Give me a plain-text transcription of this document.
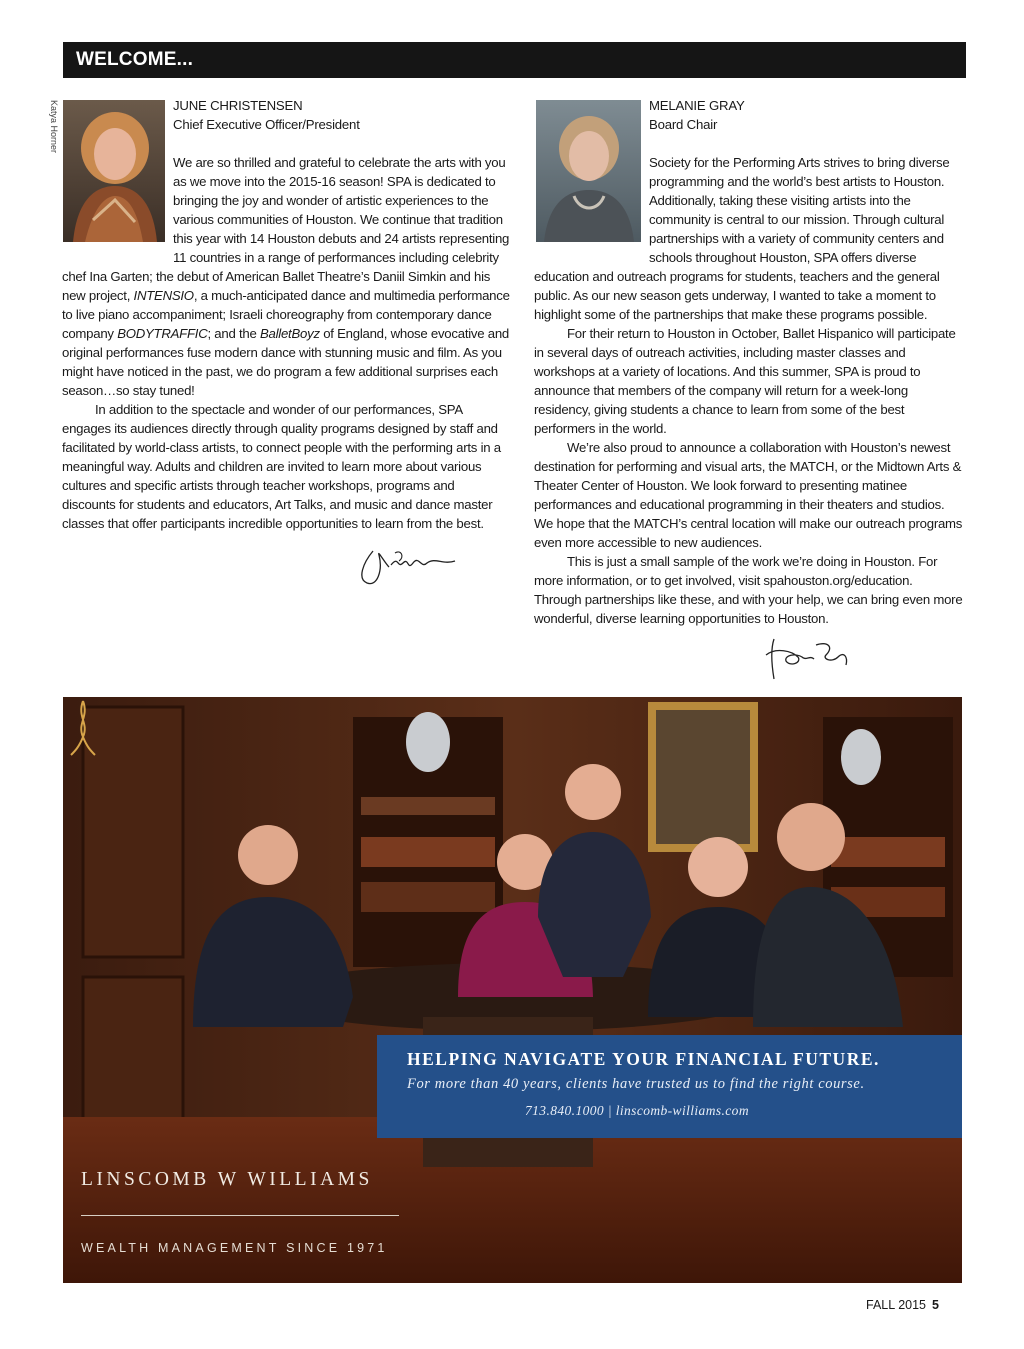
WELCOME...
Katya Horner	JUNE CHRISTENSEN
Chief Executive Officer/President

We are so thrilled and grateful to celebrate the arts with you as we move into the 2015-16 season! SPA is dedicated to bringing the joy and wonder of artistic experiences to the various communities of Houston. We continue that tradition this year with 14 Houston debuts and 24 artists representing 11 countries in a range of performances including celebrity chef Ina Garten; the debut of American Ballet Theatre’s Daniil Simkin and his new project, INTENSIO, a much-anticipated dance and multimedia performance to live piano accompaniment; Israeli choreography from contemporary dance company BODYTRAFFIC; and the BalletBoyz of England, whose evocative and original performances fuse modern dance with stunning music and film. As you might have noticed in the past, we do program a few additional surprises each season…so stay tuned!

In addition to the spectacle and wonder of our performances, SPA engages its audiences directly through quality programs designed by staff and facilitated by world-class artists, to connect people with the performing arts in a meaningful way. Adults and children are invited to learn more about various cultures and specific artists through teacher workshops, programs and discounts for students and educators, Art Talks, and music and dance master classes that offer participants incredible opportunities to learn from the best.

MELANIE GRAY
Board Chair

Society for the Performing Arts strives to bring diverse programming and the world’s best artists to Houston. Additionally, taking these visiting artists into the community is central to our mission. Through cultural partnerships with a variety of community centers and schools throughout Houston, SPA offers diverse education and outreach programs for students, teachers and the general public. As our new season gets underway, I wanted to take a moment to highlight some of the partnerships that make these programs possible.

For their return to Houston in October, Ballet Hispanico will participate in several days of outreach activities, including master classes and workshops at a variety of locations. And this summer, SPA is proud to announce that members of the company will return for a week-long residency, giving students a chance to learn from some of the best performers in the world.

We’re also proud to announce a collaboration with Houston’s newest destination for performing and visual arts, the MATCH, or the Midtown Arts & Theater Center of Houston. We look forward to presenting matinee performances and educational programming in their theaters and studios. We hope that the MATCH’s central location will make our outreach programs even more accessible to new audiences.

This is just a small sample of the work we’re doing in Houston. For more information, or to get involved, visit spahouston.org/education. Through partnerships like these, and with your help, we can bring even more wonderful, diverse learning opportunities to Houston.

HELPING NAVIGATE YOUR FINANCIAL FUTURE.
For more than 40 years, clients have trusted us to find the right course.
713.840.1000 | linscomb-williams.com
LINSCOMB W WILLIAMS
WEALTH MANAGEMENT SINCE 1971
FALL 2015 5
